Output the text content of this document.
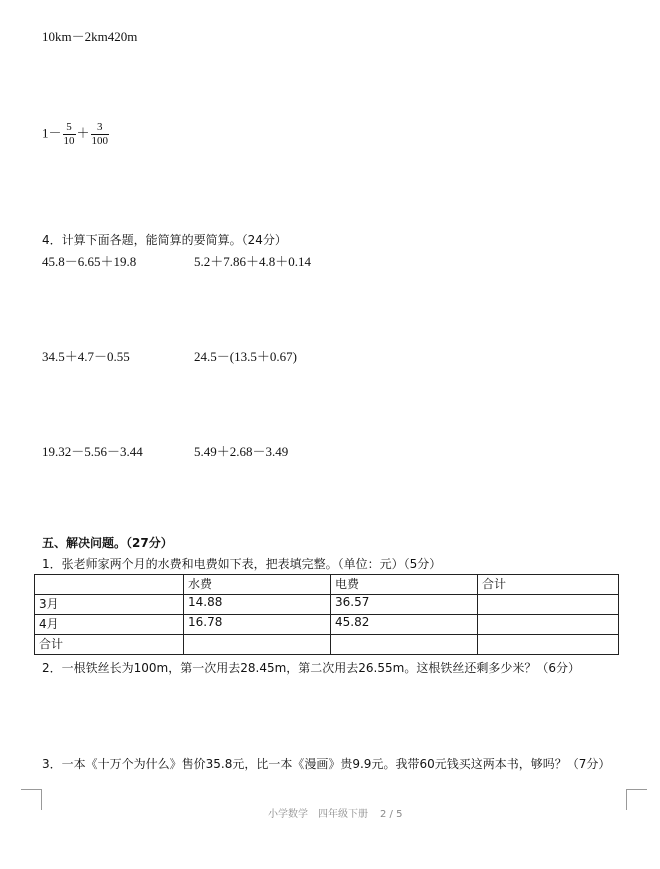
10km－2km420m
$1- \frac{5}{10} + \frac{3}{100}$
4．计算下面各题，能简算的要简算。（24分）
45.8－6.65＋19.8	5.2＋7.86＋4.8＋0.14
34.5＋4.7－0.55	24.5－(13.5＋0.67)
19.32－5.56－3.44	5.49＋2.68－3.49
五、解决问题。（27分）
1．张老师家两个月的水费和电费如下表，把表填完整。（单位：元）（5分）
	水费	电费	合计
3月	14.88	36.57	
4月	16.78	45.82	
合计			
2．一根铁丝长为100m，第一次用去28.45m，第二次用去26.55m。这根铁丝还剩多少米？（6分）
3．一本《十万个为什么》售价35.8元，比一本《漫画》贵9.9元。我带60元钱买这两本书，够吗？（7分）
小学数学　四年级下册 2 / 5
